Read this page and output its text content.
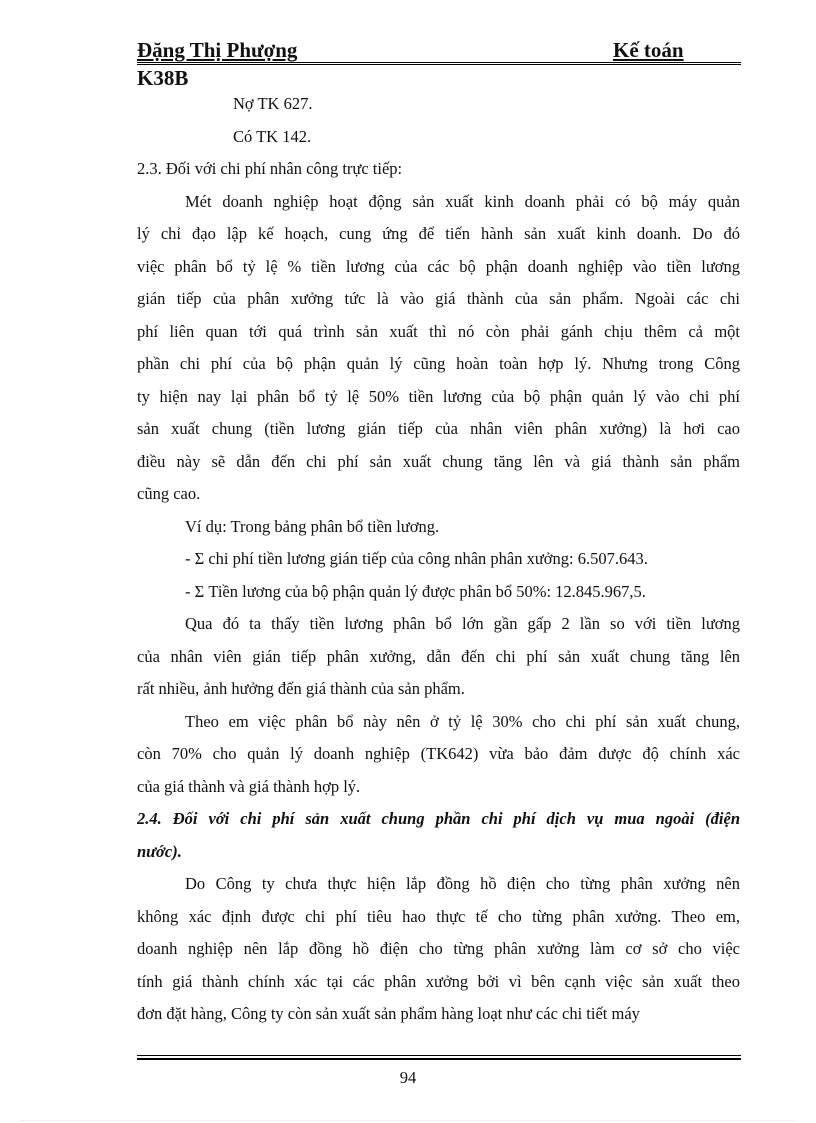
Đặng Thị Phượng	Kế toán
K38B
Nợ TK 627.
Có TK 142.
2.3. Đối với chi phí nhân công trực tiếp:
Mét doanh nghiệp hoạt động sản xuất kinh doanh phải có bộ máy quản
lý chỉ đạo lập kế hoạch, cung ứng để tiến hành sản xuất kinh doanh. Do đó
việc phân bổ tỷ lệ % tiền lương của các bộ phận doanh nghiệp vào tiền lương
gián tiếp của phân xưởng tức là vào giá thành của sản phẩm. Ngoài các chi
phí liên quan tới quá trình sản xuất thì nó còn phải gánh chịu thêm cả một
phần chi phí của bộ phận quản lý cũng hoàn toàn hợp lý. Nhưng trong Công
ty hiện nay lại phân bổ tỷ lệ 50% tiền lương của bộ phận quản lý vào chi phí
sản xuất chung (tiền lương gián tiếp của nhân viên phân xưởng) là hơi cao
điều này sẽ dẫn đến chi phí sản xuất chung tăng lên và giá thành sản phẩm
cũng cao.
Ví dụ: Trong bảng phân bổ tiền lương.
- Σ chi phí tiền lương gián tiếp của công nhân phân xưởng: 6.507.643.
- Σ Tiền lương của bộ phận quản lý được phân bổ 50%: 12.845.967,5.
Qua đó ta thấy tiền lương phân bổ lớn gần gấp 2 lần so với tiền lương
của nhân viên gián tiếp phân xưởng, dẫn đến chi phí sản xuất chung tăng lên
rất nhiều, ảnh hưởng đến giá thành của sản phẩm.
Theo em việc phân bổ này nên ở tỷ lệ 30% cho chi phí sản xuất chung,
còn 70% cho quản lý doanh nghiệp (TK642) vừa bảo đảm được độ chính xác
của giá thành và giá thành hợp lý.
2.4. Đối với chi phí sản xuất chung phần chi phí dịch vụ mua ngoài (điện
nước).
Do Công ty chưa thực hiện lắp đồng hồ điện cho từng phân xưởng nên
không xác định được chi phí tiêu hao thực tế cho từng phân xưởng. Theo em,
doanh nghiệp nên lắp đồng hồ điện cho từng phân xưởng làm cơ sở cho việc
tính giá thành chính xác tại các phân xưởng bởi vì bên cạnh việc sản xuất theo
đơn đặt hàng, Công ty còn sản xuất sản phẩm hàng loạt như các chi tiết máy
94
